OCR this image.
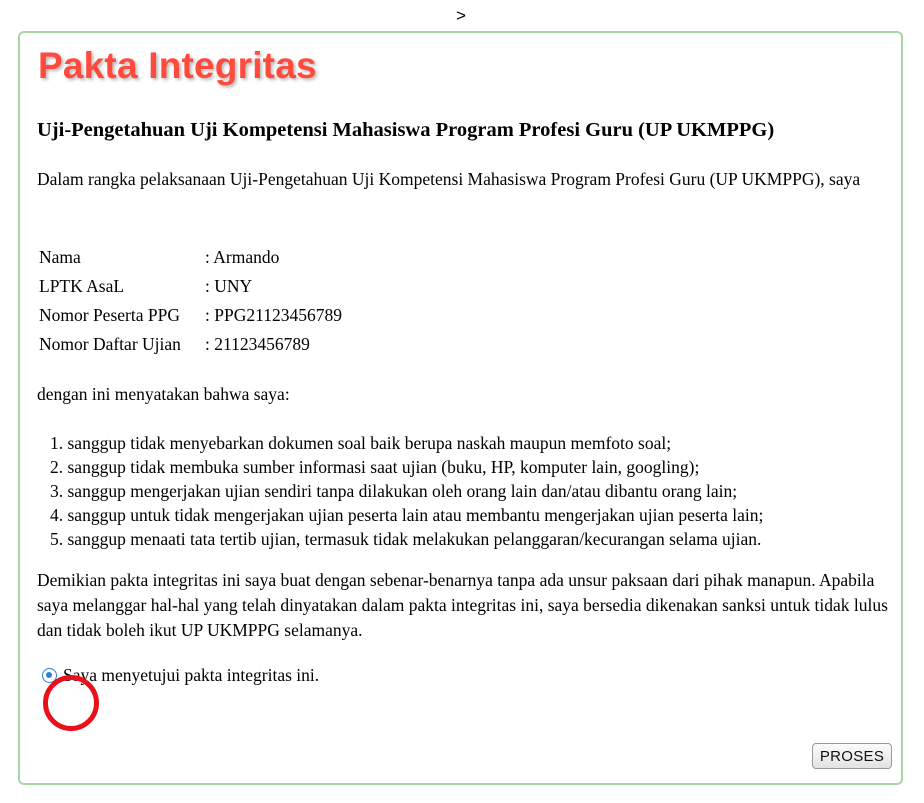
>
Pakta Integritas
Uji-Pengetahuan Uji Kompetensi Mahasiswa Program Profesi Guru (UP UKMPPG)
Dalam rangka pelaksanaan Uji-Pengetahuan Uji Kompetensi Mahasiswa Program Profesi Guru (UP UKMPPG), saya
Nama	: Armando
LPTK AsaL	: UNY
Nomor Peserta PPG	: PPG21123456789
Nomor Daftar Ujian	: 21123456789
dengan ini menyatakan bahwa saya:
1. sanggup tidak menyebarkan dokumen soal baik berupa naskah maupun memfoto soal;
2. sanggup tidak membuka sumber informasi saat ujian (buku, HP, komputer lain, googling);
3. sanggup mengerjakan ujian sendiri tanpa dilakukan oleh orang lain dan/atau dibantu orang lain;
4. sanggup untuk tidak mengerjakan ujian peserta lain atau membantu mengerjakan ujian peserta lain;
5. sanggup menaati tata tertib ujian, termasuk tidak melakukan pelanggaran/kecurangan selama ujian.
Demikian pakta integritas ini saya buat dengan sebenar-benarnya tanpa ada unsur paksaan dari pihak manapun. Apabila saya melanggar hal-hal yang telah dinyatakan dalam pakta integritas ini, saya bersedia dikenakan sanksi untuk tidak lulus dan tidak boleh ikut UP UKMPPG selamanya.
Saya menyetujui pakta integritas ini.
PROSES
